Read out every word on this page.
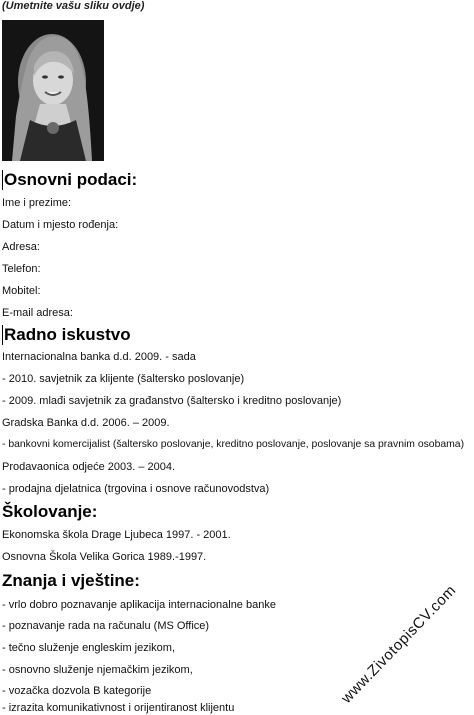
(Umetnite vašu sliku ovdje)
Osnovni podaci:
Ime i prezime:
Datum i mjesto rođenja:
Adresa:
Telefon:
Mobitel:
E-mail adresa:
Radno iskustvo
Internacionalna banka d.d. 2009. - sada
- 2010. savjetnik za klijente (šaltersko poslovanje)
- 2009. mlađi savjetnik za građanstvo (šaltersko i kreditno poslovanje)
Gradska Banka d.d. 2006. – 2009.
- bankovni komercijalist (šaltersko poslovanje, kreditno poslovanje, poslovanje sa pravnim osobama)
Prodavaonica odjeće 2003. – 2004.
- prodajna djelatnica (trgovina i osnove računovodstva)
Školovanje:
Ekonomska škola Drage Ljubeca 1997. - 2001.
Osnovna Škola Velika Gorica 1989.-1997.
Znanja i vještine:
- vrlo dobro poznavanje aplikacija internacionalne banke
- poznavanje rada na računalu (MS Office)
- tečno služenje engleskim jezikom,
- osnovno služenje njemačkim jezikom,
- vozačka dozvola B kategorije
- izrazita komunikativnost i orijentiranost klijentu
www.ZivotopisCV.com
